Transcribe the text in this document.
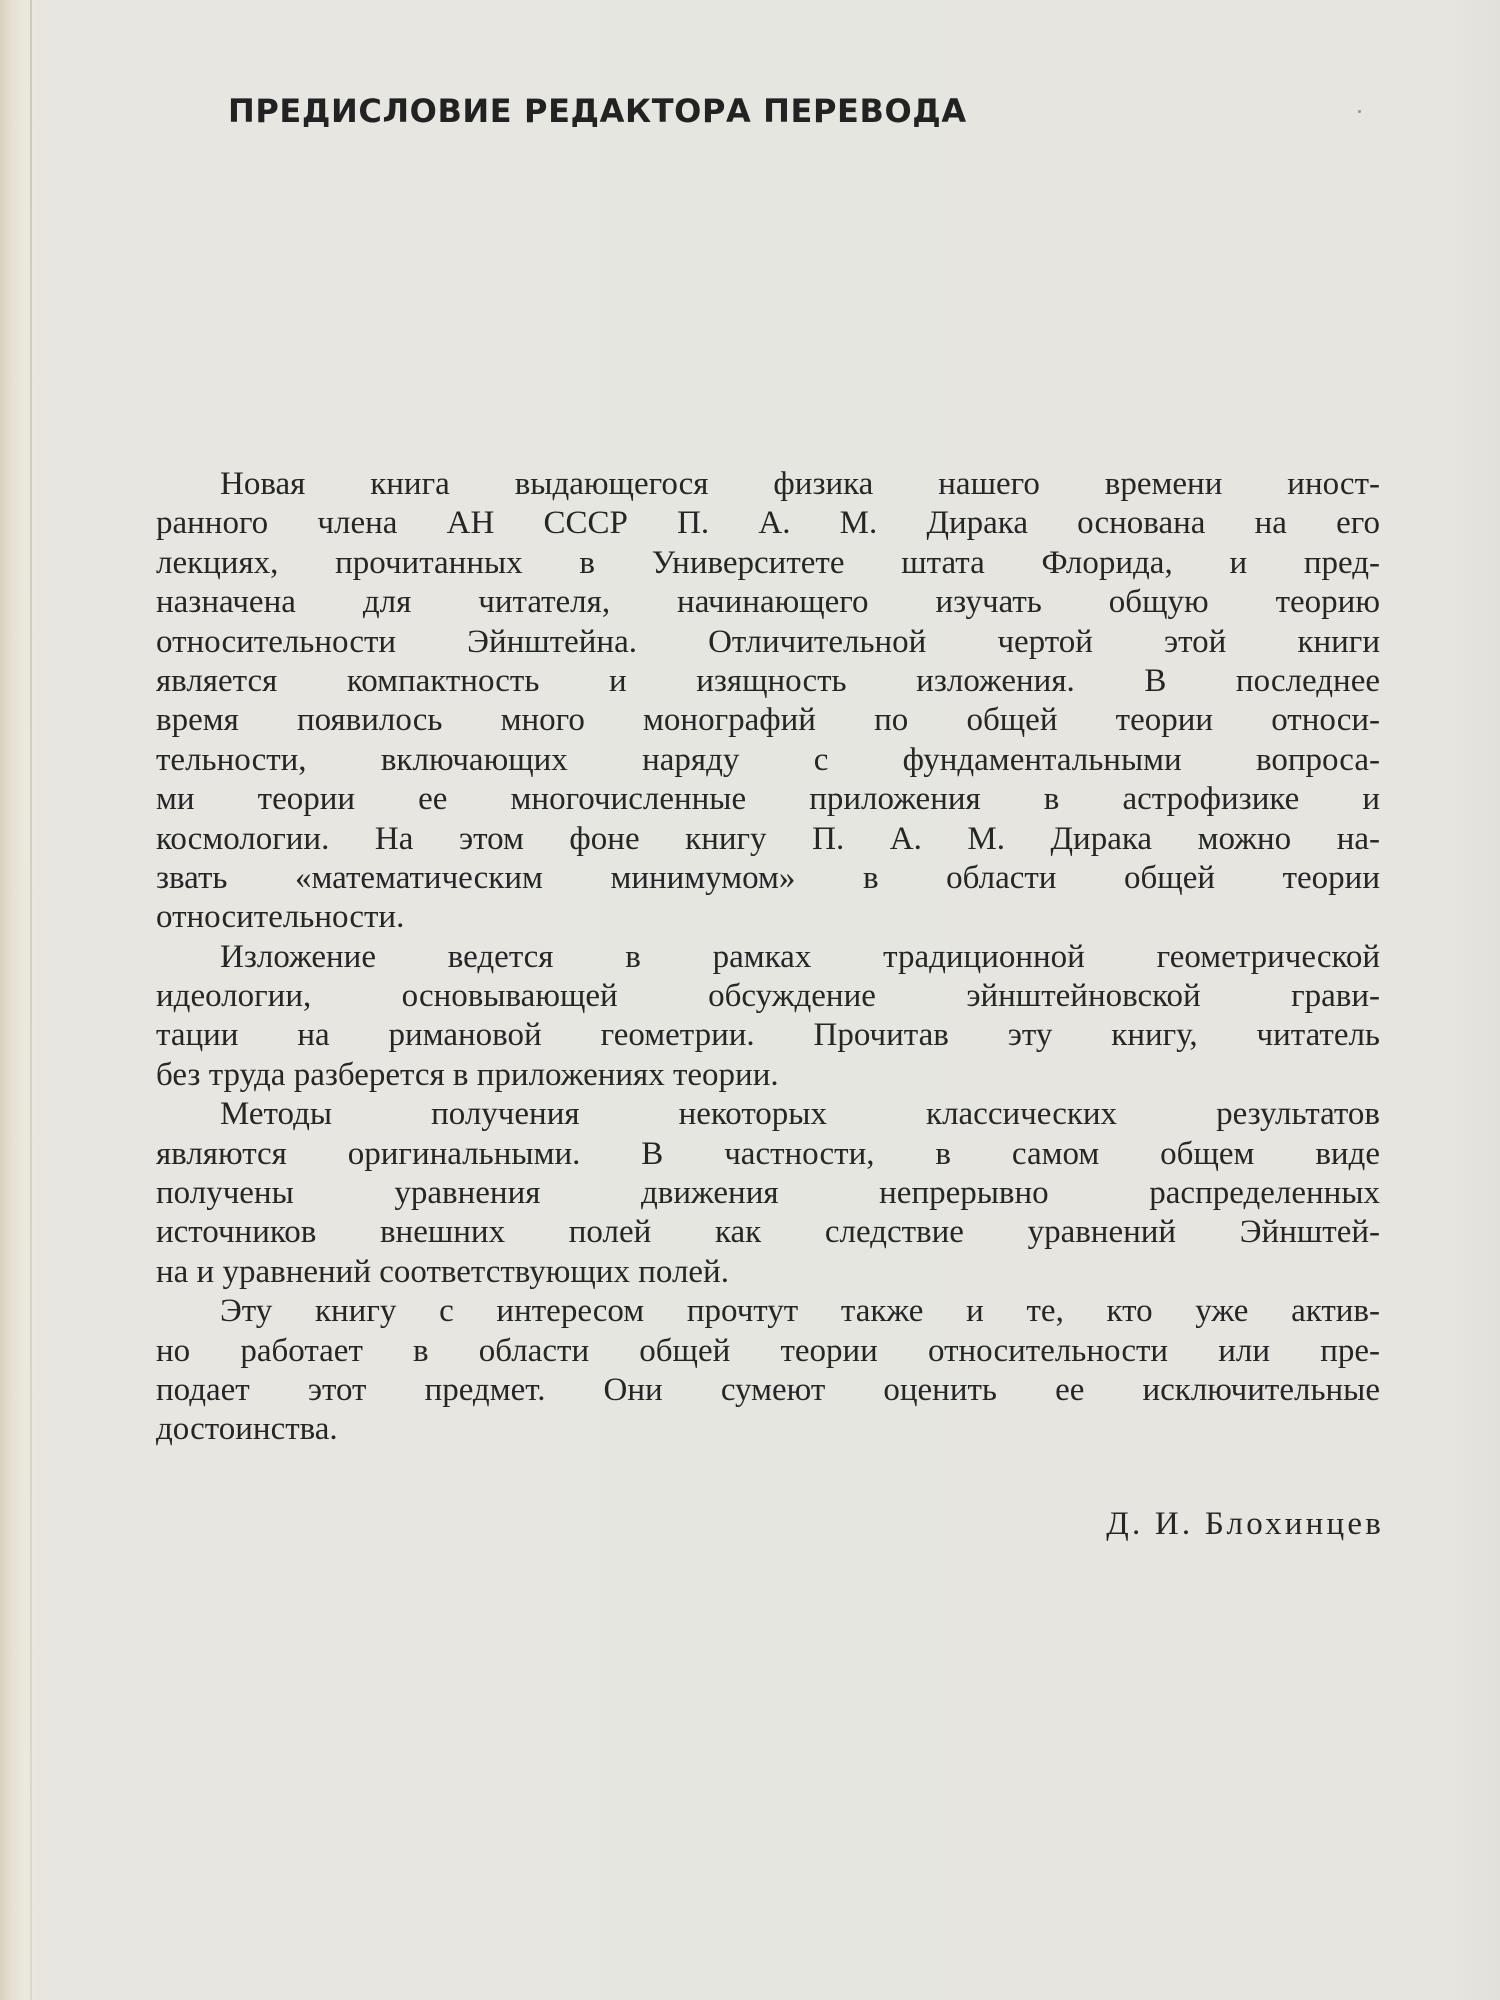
ПРЕДИСЛОВИЕ РЕДАКТОРА ПЕРЕВОДА
Новая книга выдающегося физика нашего времени иност-
ранного члена АН СССР П. А. М. Дирака основана на его
лекциях, прочитанных в Университете штата Флорида, и пред-
назначена для читателя, начинающего изучать общую теорию
относительности Эйнштейна. Отличительной чертой этой книги
является компактность и изящность изложения. В последнее
время появилось много монографий по общей теории относи-
тельности, включающих наряду с фундаментальными вопроса-
ми теории ее многочисленные приложения в астрофизике и
космологии. На этом фоне книгу П. А. М. Дирака можно на-
звать «математическим минимумом» в области общей теории
относительности.
Изложение ведется в рамках традиционной геометрической
идеологии, основывающей обсуждение эйнштейновской грави-
тации на римановой геометрии. Прочитав эту книгу, читатель
без труда разберется в приложениях теории.
Методы получения некоторых классических результатов
являются оригинальными. В частности, в самом общем виде
получены уравнения движения непрерывно распределенных
источников внешних полей как следствие уравнений Эйнштей-
на и уравнений соответствующих полей.
Эту книгу с интересом прочтут также и те, кто уже актив-
но работает в области общей теории относительности или пре-
подает этот предмет. Они сумеют оценить ее исключительные
достоинства.
Д. И. Блохинцев
